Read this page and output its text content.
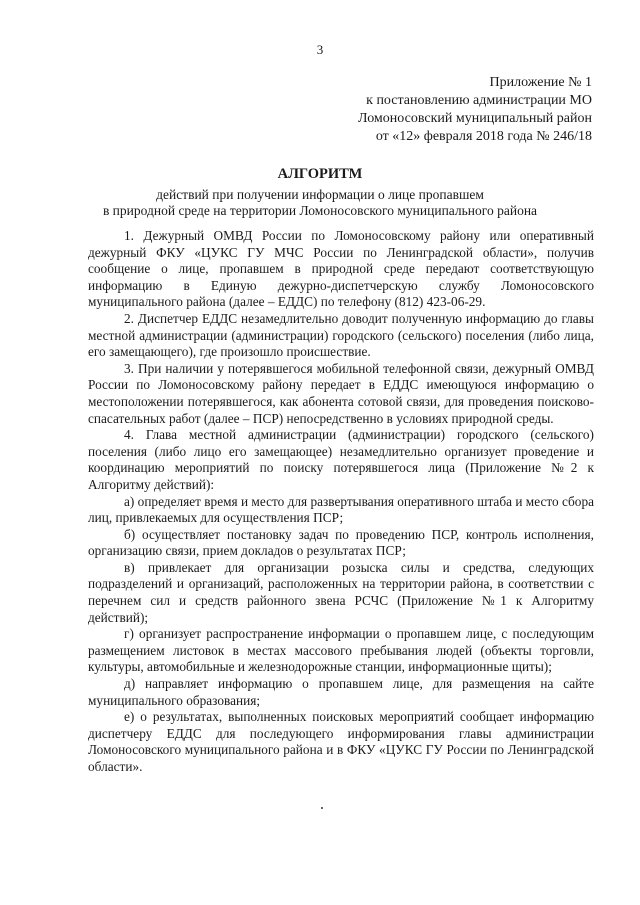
3
Приложение № 1
к постановлению администрации МО
Ломоносовский муниципальный район
от «12» февраля 2018 года № 246/18
АЛГОРИТМ
действий при получении информации о лице пропавшем
в природной среде на территории Ломоносовского муниципального района

1. Дежурный ОМВД России по Ломоносовскому району или оперативный дежурный ФКУ «ЦУКС ГУ МЧС России по Ленинградской области», получив сообщение о лице, пропавшем в природной среде передают соответствующую информацию в Единую дежурно-диспетчерскую службу Ломоносовского муниципального района (далее – ЕДДС) по телефону (812) 423-06-29.

2. Диспетчер ЕДДС незамедлительно доводит полученную информацию до главы местной администрации (администрации) городского (сельского) поселения (либо лица, его замещающего), где произошло происшествие.

3. При наличии у потерявшегося мобильной телефонной связи, дежурный ОМВД России по Ломоносовскому району передает в ЕДДС имеющуюся информацию о местоположении потерявшегося, как абонента сотовой связи, для проведения поисково-спасательных работ (далее – ПСР) непосредственно в условиях природной среды.

4. Глава местной администрации (администрации) городского (сельского) поселения (либо лицо его замещающее) незамедлительно организует проведение и координацию мероприятий по поиску потерявшегося лица (Приложение №2 к Алгоритму действий):

а) определяет время и место для развертывания оперативного штаба и место сбора лиц, привлекаемых для осуществления ПСР;

б) осуществляет постановку задач по проведению ПСР, контроль исполнения, организацию связи, прием докладов о результатах ПСР;

в) привлекает для организации розыска силы и средства, следующих подразделений и организаций, расположенных на территории района, в соответствии с перечнем сил и средств районного звена РСЧС (Приложение №1 к Алгоритму действий);

г) организует распространение информации о пропавшем лице, с последующим размещением листовок в местах массового пребывания людей (объекты торговли, культуры, автомобильные и железнодорожные станции, информационные щиты);

д) направляет информацию о пропавшем лице, для размещения на сайте муниципального образования;

е) о результатах, выполненных поисковых мероприятий сообщает информацию диспетчеру ЕДДС для последующего информирования главы администрации Ломоносовского муниципального района и в ФКУ «ЦУКС ГУ России по Ленинградской области».
